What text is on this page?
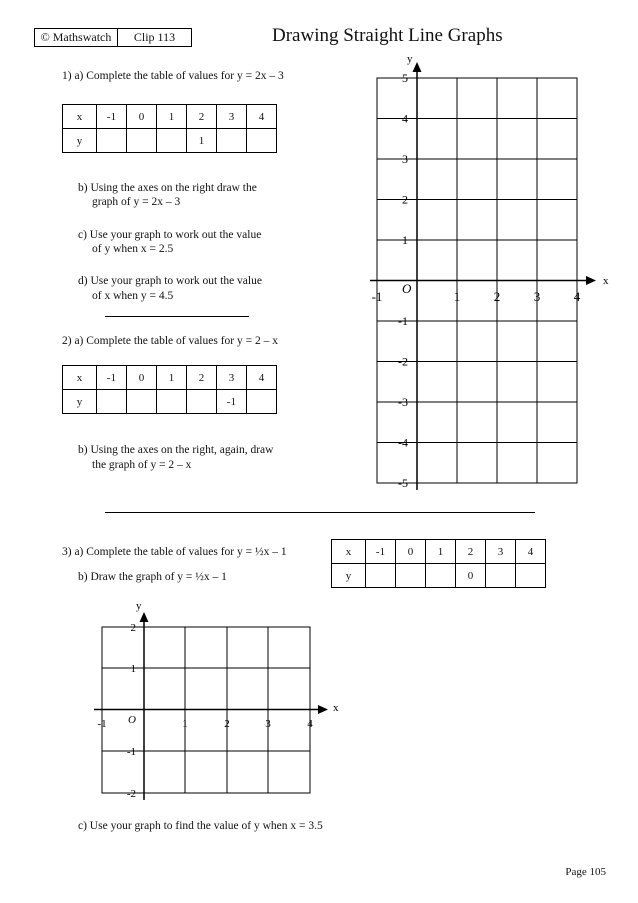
© Mathswatch	Clip 113	Drawing Straight Line Graphs
1) a) Complete the table of values for y = 2x – 3
x	-1	0	1	2	3	4
y				1		
b) Using the axes on the right draw the
graph of y = 2x – 3
c) Use your graph to work out the value
of y when x = 2.5
d) Use your graph to work out the value
of x when y = 4.5
2) a) Complete the table of values for y = 2 – x
x	-1	0	1	2	3	4
y					-1	
b) Using the axes on the right, again, draw
the graph of y = 2 – x
3) a) Complete the table of values for y = ½x – 1
b) Draw the graph of y = ½x – 1
x	-1	0	1	2	3	4
y				0		
c) Use your graph to find the value of y when x = 3.5
x
y
O
-1	1	2	3	4
5
4
3
2
1
-1
-2
-3
-4
-5
x
y
O
-1	1	2	3	4
2
1
-1
-2
Page 105
